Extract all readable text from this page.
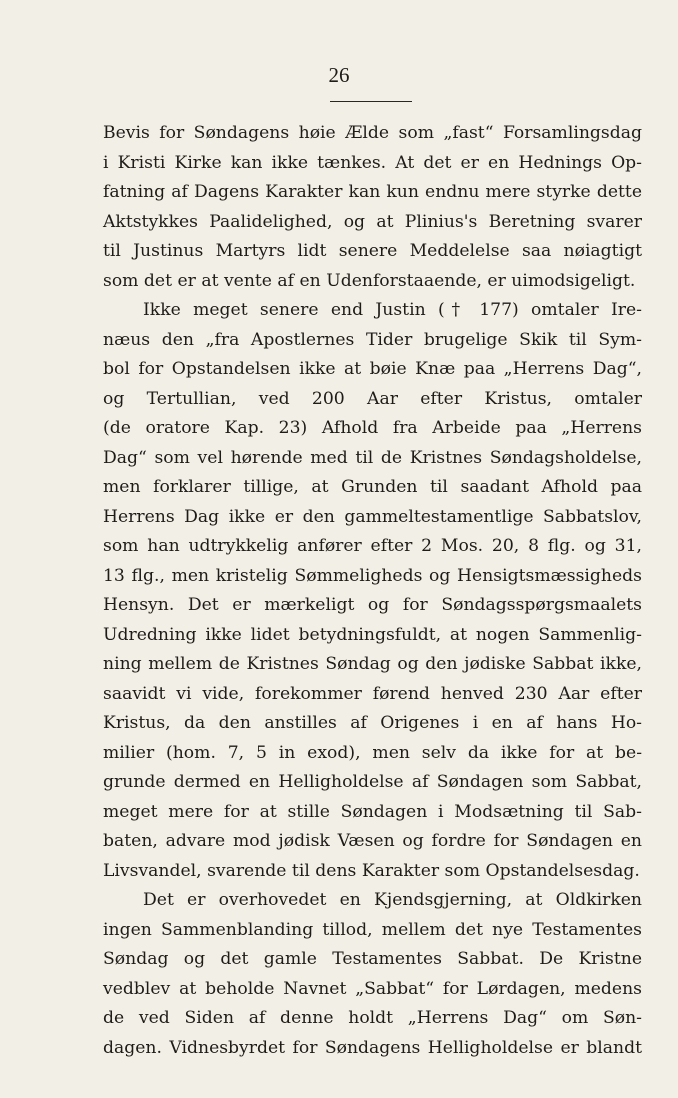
26
Bevis for Søndagens høie Ælde som „fast“ Forsamlingsdag
i Kristi Kirke kan ikke tænkes. At det er en Hednings Op-
fatning af Dagens Karakter kan kun endnu mere styrke dette
Aktstykkes Paalidelighed, og at Plinius's Beretning svarer
til Justinus Martyrs lidt senere Meddelelse saa nøiagtigt
som det er at vente af en Udenforstaaende, er uimodsigeligt.
Ikke meget senere end Justin († 177) omtaler Ire-
næus den „fra Apostlernes Tider brugelige Skik til Sym-
bol for Opstandelsen ikke at bøie Knæ paa „Herrens Dag“,
og Tertullian, ved 200 Aar efter Kristus, omtaler
(de oratore Kap. 23) Afhold fra Arbeide paa „Herrens
Dag“ som vel hørende med til de Kristnes Søndagsholdelse,
men forklarer tillige, at Grunden til saadant Afhold paa
Herrens Dag ikke er den gammeltestamentlige Sabbatslov,
som han udtrykkelig anfører efter 2 Mos. 20, 8 flg. og 31,
13 flg., men kristelig Sømmeligheds og Hensigtsmæssigheds
Hensyn. Det er mærkeligt og for Søndagsspørgsmaalets
Udredning ikke lidet betydningsfuldt, at nogen Sammenlig-
ning mellem de Kristnes Søndag og den jødiske Sabbat ikke,
saavidt vi vide, forekommer førend henved 230 Aar efter
Kristus, da den anstilles af Origenes i en af hans Ho-
milier (hom. 7, 5 in exod), men selv da ikke for at be-
grunde dermed en Helligholdelse af Søndagen som Sabbat,
meget mere for at stille Søndagen i Modsætning til Sab-
baten, advare mod jødisk Væsen og fordre for Søndagen en
Livsvandel, svarende til dens Karakter som Opstandelsesdag.
Det er overhovedet en Kjendsgjerning, at Oldkirken
ingen Sammenblanding tillod, mellem det nye Testamentes
Søndag og det gamle Testamentes Sabbat. De Kristne
vedblev at beholde Navnet „Sabbat“ for Lørdagen, medens
de ved Siden af denne holdt „Herrens Dag“ om Søn-
dagen. Vidnesbyrdet for Søndagens Helligholdelse er blandt
